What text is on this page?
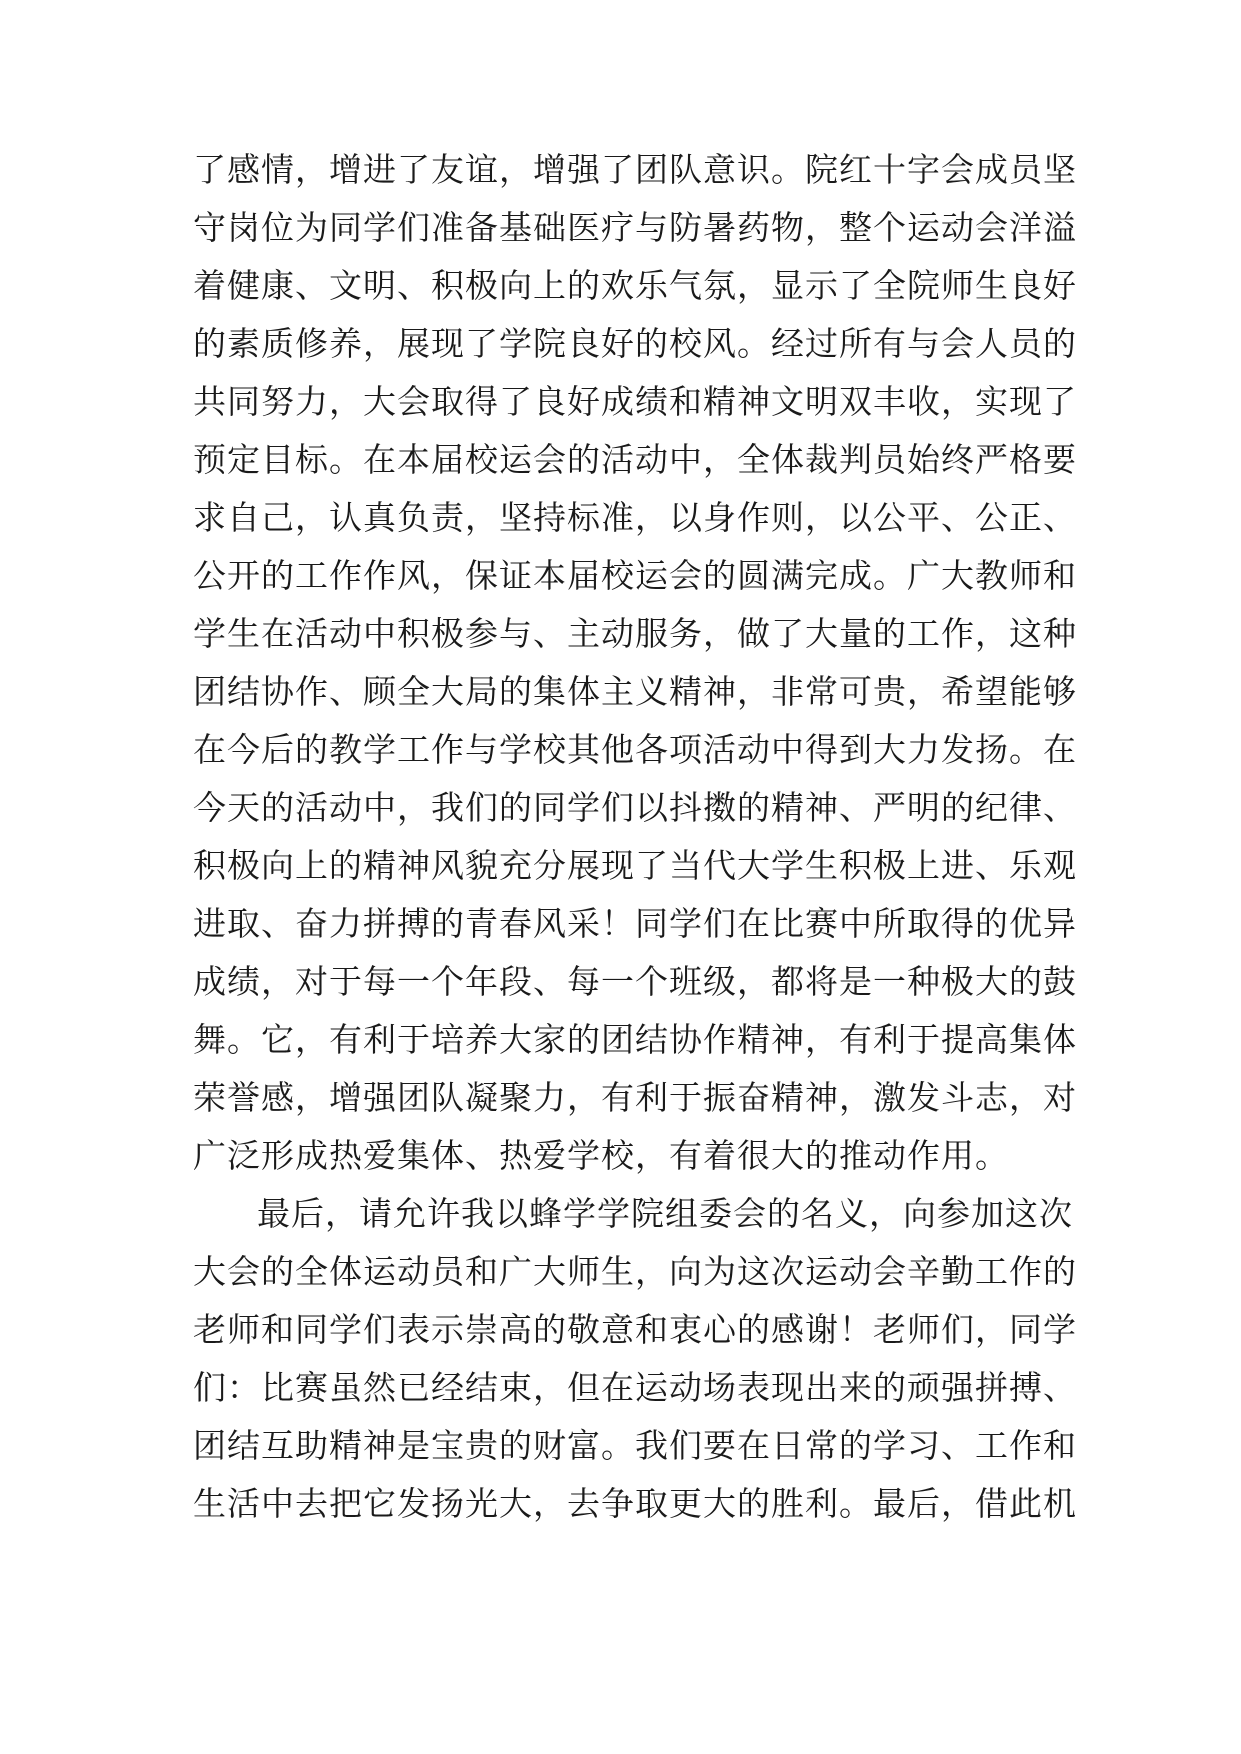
了感情，增进了友谊，增强了团队意识。院红十字会成员坚
守岗位为同学们准备基础医疗与防暑药物，整个运动会洋溢
着健康、文明、积极向上的欢乐气氛，显示了全院师生良好
的素质修养，展现了学院良好的校风。经过所有与会人员的
共同努力，大会取得了良好成绩和精神文明双丰收，实现了
预定目标。在本届校运会的活动中，全体裁判员始终严格要
求自己，认真负责，坚持标准，以身作则，以公平、公正、
公开的工作作风，保证本届校运会的圆满完成。广大教师和
学生在活动中积极参与、主动服务，做了大量的工作，这种
团结协作、顾全大局的集体主义精神，非常可贵，希望能够
在今后的教学工作与学校其他各项活动中得到大力发扬。在
今天的活动中，我们的同学们以抖擞的精神、严明的纪律、
积极向上的精神风貌充分展现了当代大学生积极上进、乐观
进取、奋力拼搏的青春风采！同学们在比赛中所取得的优异
成绩，对于每一个年段、每一个班级，都将是一种极大的鼓
舞。它，有利于培养大家的团结协作精神，有利于提高集体
荣誉感，增强团队凝聚力，有利于振奋精神，激发斗志，对
广泛形成热爱集体、热爱学校，有着很大的推动作用。
最后，请允许我以蜂学学院组委会的名义，向参加这次
大会的全体运动员和广大师生，向为这次运动会辛勤工作的
老师和同学们表示崇高的敬意和衷心的感谢！老师们，同学
们：比赛虽然已经结束，但在运动场表现出来的顽强拼搏、
团结互助精神是宝贵的财富。我们要在日常的学习、工作和
生活中去把它发扬光大，去争取更大的胜利。最后，借此机
